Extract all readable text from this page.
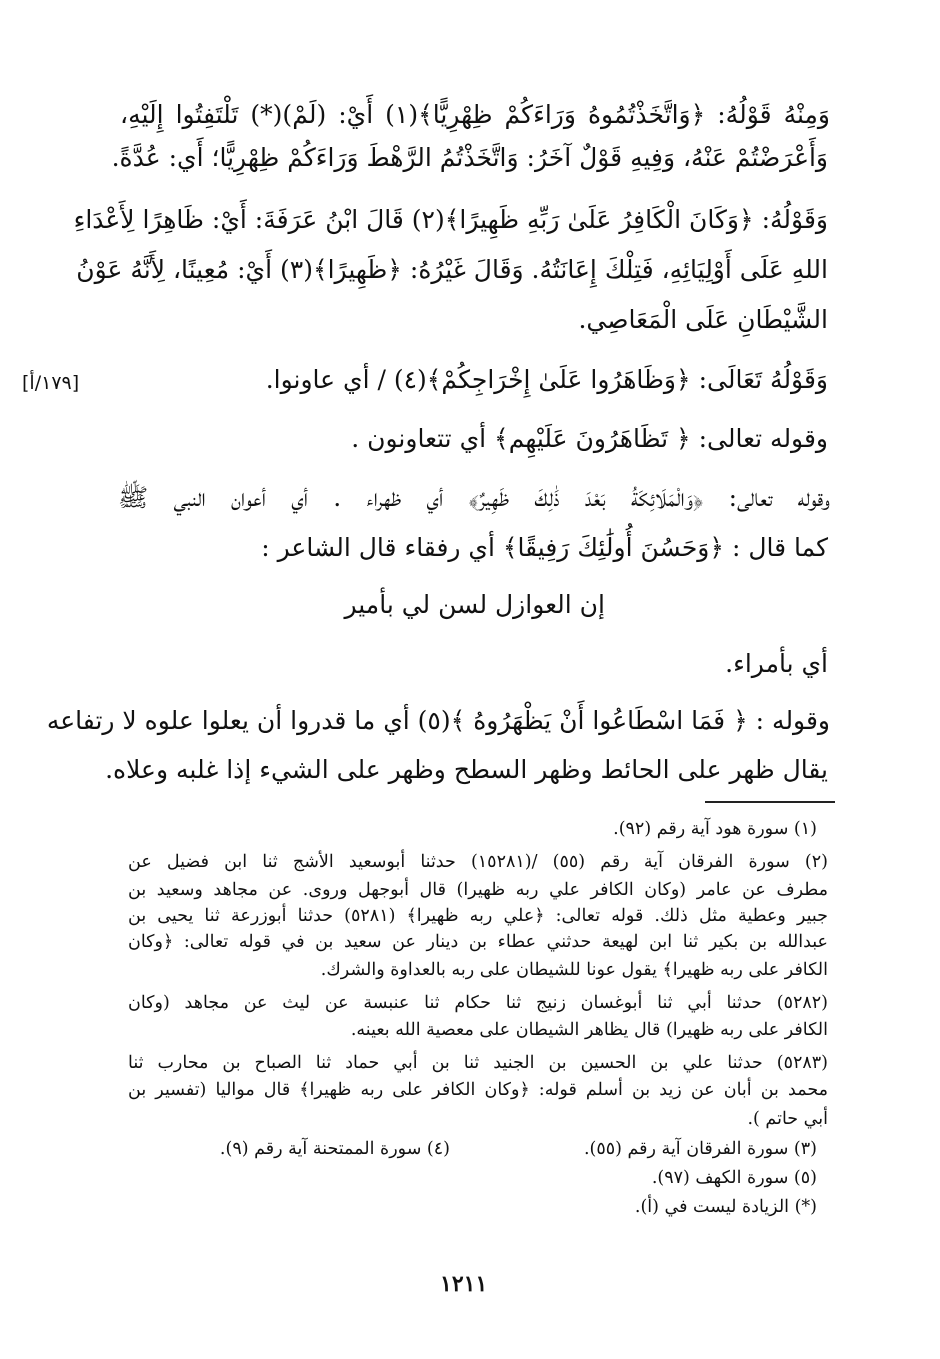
وَمِنْهُ قَوْلُهُ: ﴿وَاتَّخَذْتُمُوهُ وَرَاءَكُمْ ظِهْرِيًّا﴾(١) أَيْ: (لَمْ)(*) تَلْتَفِتُوا إِلَيْهِ،
وَأَعْرَضْتُمْ عَنْهُ، وَفِيهِ قَوْلٌ آخَرُ: وَاتَّخَذْتُمُ الرَّهْطَ وَرَاءَكُمْ ظِهْرِيًّا؛ أَي: عُدَّةً.
وَقَوْلُهُ: ﴿وَكَانَ الْكَافِرُ عَلَىٰ رَبِّهِ ظَهِيرًا﴾(٢) قَالَ ابْنُ عَرَفَةَ: أَيْ: ظَاهِرًا لِأَعْدَاءِ
اللهِ عَلَى أَوْلِيَائِهِ، فَتِلْكَ إِعَانَتُهُ. وَقَالَ غَيْرُهُ: ﴿ظَهِيرًا﴾(٣) أَيْ: مُعِينًا، لِأَنَّهُ عَوْنُ
الشَّيْطَانِ عَلَى الْمَعَاصِي.
وَقَوْلُهُ تَعَالَى: ﴿وَظَاهَرُوا عَلَىٰ إِخْرَاجِكُمْ﴾(٤) / أي عاونوا.
[١٧٩/أ]
وقوله تعالى: ﴿ تَظَاهَرُونَ عَلَيْهِم﴾ أي تتعاونون .
وقوله تعالى: ﴿وَالْمَلَائِكَةُ بَعْدَ ذَٰلِكَ ظَهِيرٌ﴾ أي ظهراء . أي أعوان النبي ﷺ
كما قال : ﴿وَحَسُنَ أُولَٰئِكَ رَفِيقًا﴾ أي رفقاء قال الشاعر :
إن العوازل لسن لي بأمير
أي بأمراء.
وقوله : ﴿ فَمَا اسْطَاعُوا أَنْ يَظْهَرُوهُ ﴾(٥) أي ما قدروا أن يعلوا علوه لا رتفاعه
يقال ظهر على الحائط وظهر السطح وظهر على الشيء إذا غلبه وعلاه.
(١) سورة هود آية رقم (٩٢).
(٢) سورة الفرقان آية رقم (٥٥) /(١٥٢٨١) حدثنا أبوسعيد الأشج ثنا ابن فضيل عن
مطرف عن عامر (وكان الكافر علي ربه ظهيرا) قال أبوجهل وروى. عن مجاهد وسعيد بن
جبير وعطية مثل ذلك. قوله تعالى: ﴿علي ربه ظهيرا﴾ (٥٢٨١) حدثنا أبوزرعة ثنا يحيى بن
عبدالله بن بكير ثنا ابن لهيعة حدثني عطاء بن دينار عن سعيد بن في قوله تعالى: ﴿وكان
الكافر على ربه ظهيرا﴾ يقول عونا للشيطان على ربه بالعداوة والشرك.
(٥٢٨٢) حدثنا أبي ثنا أبوغسان زنيج ثنا حكام ثنا عنبسة عن ليث عن مجاهد (وكان
الكافر على ربه ظهيرا) قال يظاهر الشيطان على معصية الله بعينه.
(٥٢٨٣) حدثنا علي بن الحسين بن الجنيد ثنا بن أبي حماد ثنا الصباح بن محارب ثنا
محمد بن أبان عن زيد بن أسلم قوله: ﴿وكان الكافر على ربه ظهيرا﴾ قال مواليا (تفسير بن
أبي حاتم ).
(٣) سورة الفرقان آية رقم (٥٥).
(٤) سورة الممتحنة آية رقم (٩).
(٥) سورة الكهف (٩٧).
(*) الزيادة ليست في (أ).
١٢١١
